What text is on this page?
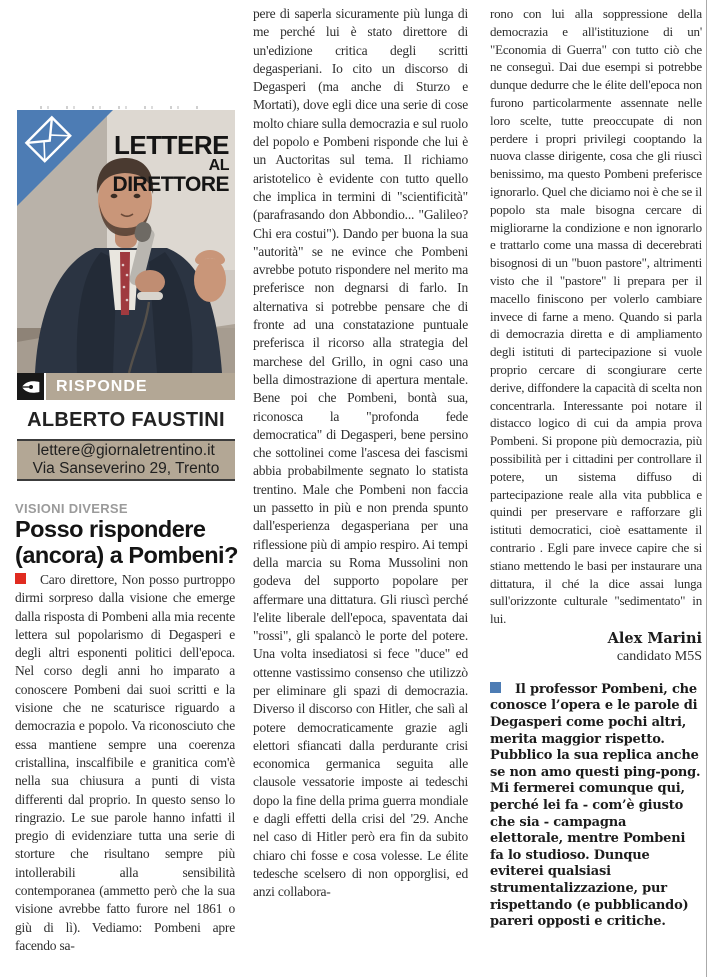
LETTERE
AL
DIRETTORE
RISPONDE
ALBERTO FAUSTINI
lettere@giornaletrentino.it
Via Sanseverino 29, Trento
VISIONI DIVERSE
Posso rispondere
(ancora) a Pombeni?

Caro direttore, Non posso purtroppo dirmi sorpreso dalla visione che emerge dalla risposta di Pombeni alla mia recente lettera sul popolarismo di Degasperi e degli altri esponenti politici dell'epoca. Nel corso degli anni ho imparato a conoscere Pombeni dai suoi scritti e la visione che ne scaturisce riguardo a democrazia e popolo. Va riconosciuto che essa mantiene sempre una coerenza cristallina, inscalfibile e granitica com'è nella sua chiusura a punti di vista differenti dal proprio. In questo senso lo ringrazio. Le sue parole hanno infatti il pregio di evidenziare tutta una serie di storture che risultano sempre più intollerabili alla sensibilità contemporanea (ammetto però che la sua visione avrebbe fatto furore nel 1861 o giù di lì). Vediamo: Pombeni apre facendo sa-

pere di saperla sicuramente più lunga di me perché lui è stato direttore di un'edizione critica degli scritti degasperiani. Io cito un discorso di Degasperi (ma anche di Sturzo e Mortati), dove egli dice una serie di cose molto chiare sulla democrazia e sul ruolo del popolo e Pombeni risponde che lui è un Auctoritas sul tema. Il richiamo aristotelico è evidente con tutto quello che implica in termini di "scientificità" (parafrasando don Abbondio... "Galileo? Chi era costui"). Dando per buona la sua "autorità" se ne evince che Pombeni avrebbe potuto rispondere nel merito ma preferisce non degnarsi di farlo. In alternativa si potrebbe pensare che di fronte ad una constatazione puntuale preferisca il ricorso alla strategia del marchese del Grillo, in ogni caso una bella dimostrazione di apertura mentale. Bene poi che Pombeni, bontà sua, riconosca la "profonda fede democratica" di Degasperi, bene persino che sottolinei come l'ascesa dei fascismi abbia probabilmente segnato lo statista trentino. Male che Pombeni non faccia un passetto in più e non prenda spunto dall'esperienza degasperiana per una riflessione più di ampio respiro. Ai tempi della marcia su Roma Mussolini non godeva del supporto popolare per affermare una dittatura. Gli riuscì perché l'elite liberale dell'epoca, spaventata dai "rossi", gli spalancò le porte del potere. Una volta insediatosi si fece "duce" ed ottenne vastissimo consenso che utilizzò per eliminare gli spazi di democrazia. Diverso il discorso con Hitler, che salì al potere democraticamente grazie agli elettori sfiancati dalla perdurante crisi economica germanica seguita alle clausole vessatorie imposte ai tedeschi dopo la fine della prima guerra mondiale e dagli effetti della crisi del '29. Anche nel caso di Hitler però era fin da subito chiaro chi fosse e cosa volesse. Le élite tedesche scelsero di non opporglisi, ed anzi collabora-

rono con lui alla soppressione della democrazia e all'istituzione di un' "Economia di Guerra" con tutto ciò che ne conseguì. Dai due esempi si potrebbe dunque dedurre che le élite dell'epoca non furono particolarmente assennate nelle loro scelte, tutte preoccupate di non perdere i propri privilegi cooptando la nuova classe dirigente, cosa che gli riuscì benissimo, ma questo Pombeni preferisce ignorarlo. Quel che diciamo noi è che se il popolo sta male bisogna cercare di migliorarne la condizione e non ignorarlo e trattarlo come una massa di decerebrati bisognosi di un "buon pastore", altrimenti visto che il "pastore" li prepara per il macello finiscono per volerlo cambiare invece di farne a meno. Quando si parla di democrazia diretta e di ampliamento degli istituti di partecipazione si vuole proprio cercare di scongiurare certe derive, diffondere la capacità di scelta non concentrarla. Interessante poi notare il distacco logico di cui da ampia prova Pombeni. Si propone più democrazia, più possibilità per i cittadini per controllare il potere, un sistema diffuso di partecipazione reale alla vita pubblica e quindi per preservare e rafforzare gli istituti democratici, cioè esattamente il contrario . Egli pare invece capire che si stiano mettendo le basi per instaurare una dittatura, il ché la dice assai lunga sull'orizzonte culturale "sedimentato" in lui.

Alex Marini
candidato M5S

Il professor Pombeni, che conosce l’opera e le parole di Degasperi come pochi altri, merita maggior rispetto. Pubblico la sua replica anche se non amo questi ping-pong. Mi fermerei comunque qui, perché lei fa - com’è giusto che sia - campagna elettorale, mentre Pombeni fa lo studioso. Dunque eviterei qualsiasi strumentalizzazione, pur rispettando (e pubblicando) pareri opposti e critiche.
